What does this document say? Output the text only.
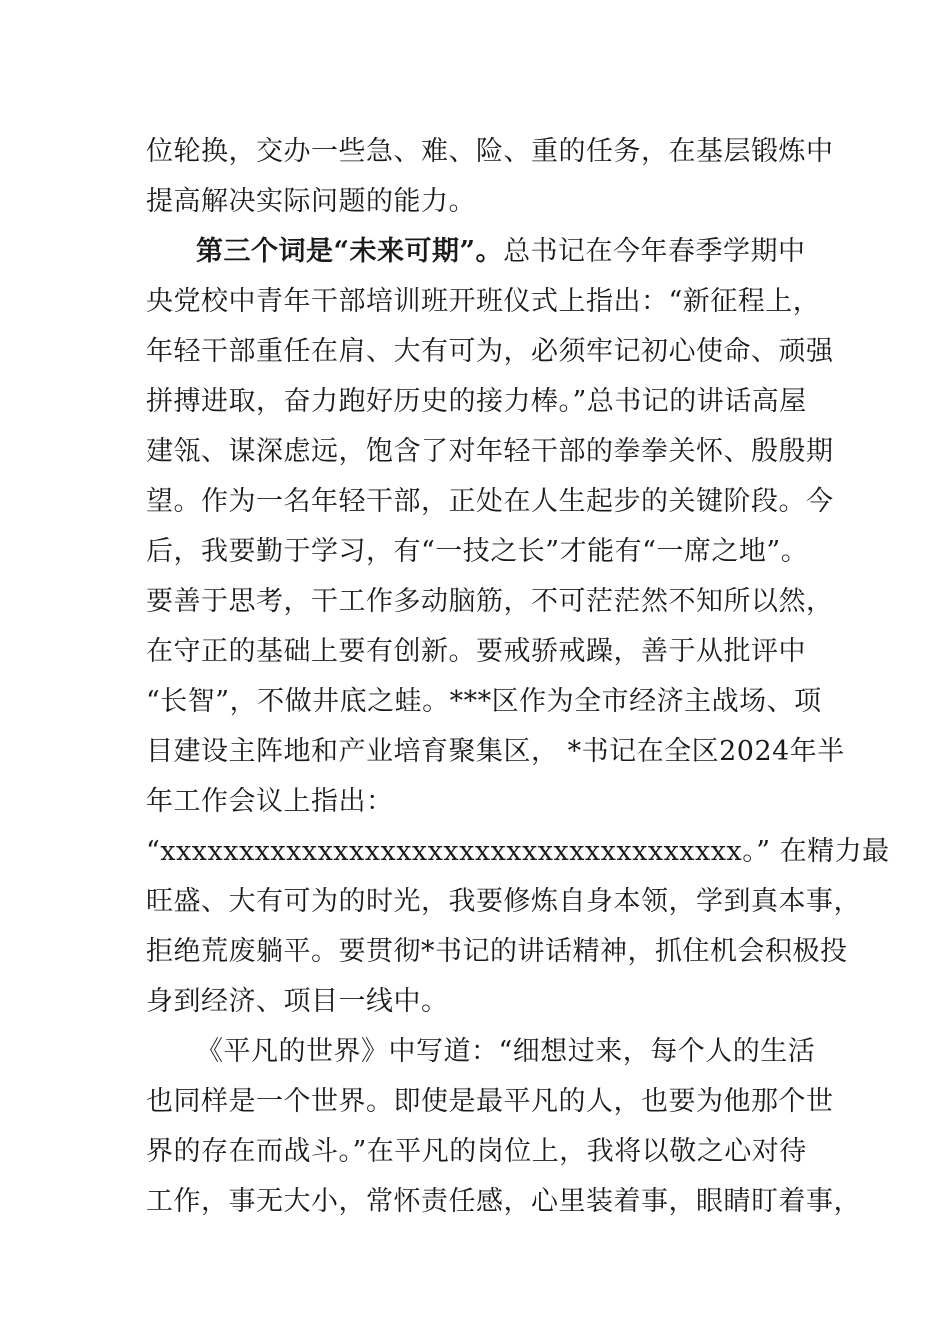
位轮换，交办一些急、难、险、重的任务，在基层锻炼中
提高解决实际问题的能力。
第三个词是“未来可期”。总书记在今年春季学期中
央党校中青年干部培训班开班仪式上指出：“新征程上，
年轻干部重任在肩、大有可为，必须牢记初心使命、顽强
拼搏进取，奋力跑好历史的接力棒。”总书记的讲话高屋
建瓴、谋深虑远，饱含了对年轻干部的拳拳关怀、殷殷期
望。作为一名年轻干部，正处在人生起步的关键阶段。今
后，我要勤于学习，有“一技之长”才能有“一席之地”。
要善于思考，干工作多动脑筋，不可茫茫然不知所以然，
在守正的基础上要有创新。要戒骄戒躁，善于从批评中
“长智”，不做井底之蛙。***区作为全市经济主战场、项
目建设主阵地和产业培育聚集区， *书记在全区2024年半
年工作会议上指出：
“xxxxxxxxxxxxxxxxxxxxxxxxxxxxxxxxxxxxx。” 在精力最
旺盛、大有可为的时光，我要修炼自身本领，学到真本事，
拒绝荒废躺平。要贯彻*书记的讲话精神，抓住机会积极投
身到经济、项目一线中。
《平凡的世界》中写道：“细想过来，每个人的生活
也同样是一个世界。即使是最平凡的人，也要为他那个世
界的存在而战斗。”在平凡的岗位上，我将以敬之心对待
工作，事无大小，常怀责任感，心里装着事，眼睛盯着事，
